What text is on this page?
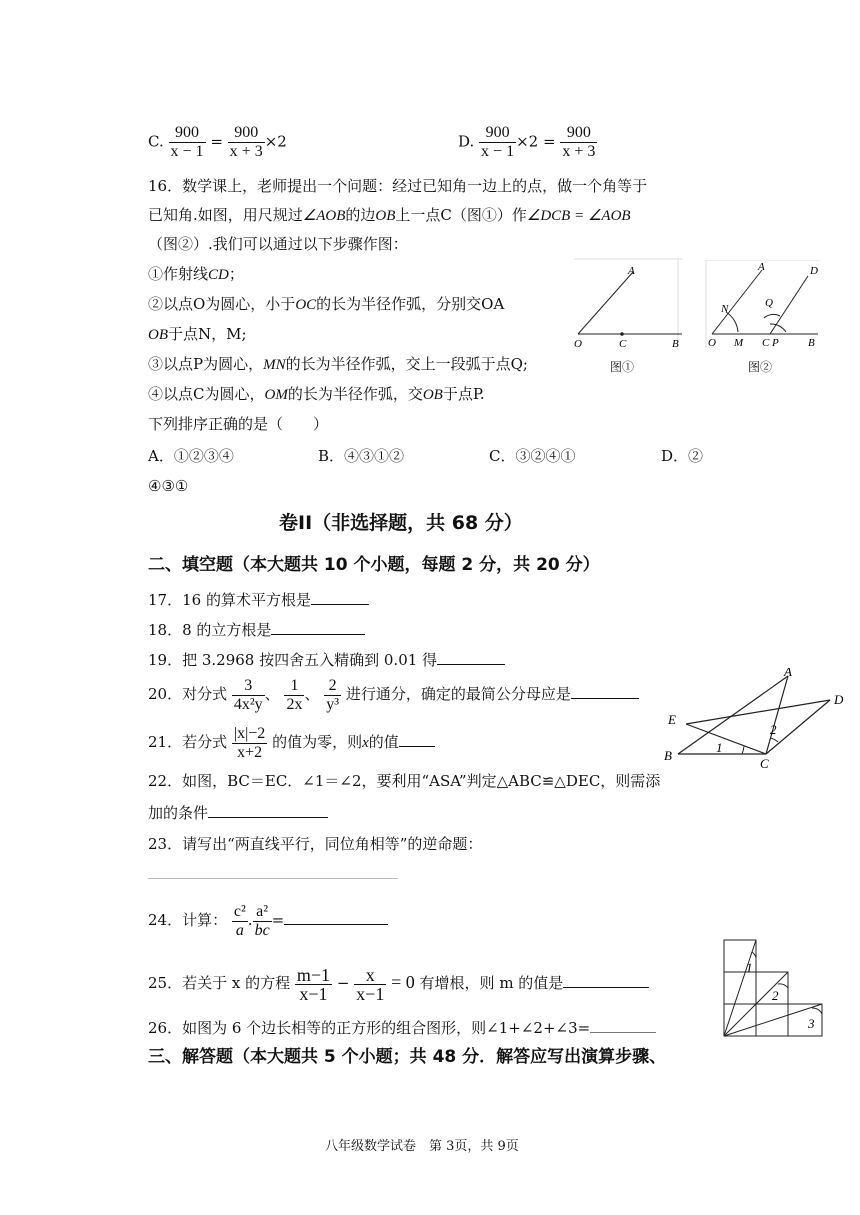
C. $\frac{900}{x - 1} = \frac{900}{x + 3} \times 2$	D. $\frac{900}{x - 1} \times 2 = \frac{900}{x + 3}$
16．数学课上，老师提出一个问题：经过已知角一边上的点，做一个角等于
已知角.如图，用尺规过∠AOB的边OB上一点C（图①）作∠DCB = ∠AOB
（图②）.我们可以通过以下步骤作图：
①作射线CD；
②以点O为圆心，小于OC的长为半径作弧，分别交OA
OB于点N，M;
③以点P为圆心，MN的长为半径作弧，交上一段弧于点Q;
④以点C为圆心，OM的长为半径作弧，交OB于点P.
下列排序正确的是（　　）
A．①②③④	B．④③①②	C．③②④①	D．②
④③①
A
O	C	B
图①
A	D
N	Q
O M C P	B
图②
卷II（非选择题，共 68 分）
二、填空题（本大题共 10 个小题，每题 2 分，共 20 分）
17．16 的算术平方根是
18．8 的立方根是
19．把 3.2968 按四舍五入精确到 0.01 得
20．对分式 $\frac{3}{\text{4x²y}}$ 、 $\frac{1}{2x}$ 、 $\frac{2}{\text{y³}}$ 进行通分，确定的最简公分母应是
21．若分式 $\frac{|x|-2}{x+2}$ 的值为零，则x的值
A
D
E
B
C
1
2
22．如图，BC＝EC．∠1＝∠2，要利用“ASA”判定△ABC≌△DEC，则需添
加的条件
23．请写出“两直线平行，同位角相等”的逆命题：
24．计算： $\frac{\text{c²}}{a}$ . $\frac{\text{a²}}{bc}$ =
1
2
3
25．若关于 x 的方程 $\frac{m-1}{x-1} - \frac{x}{x-1} = 0$ 有增根，则 m 的值是
26．如图为 6 个边长相等的正方形的组合图形，则∠1+∠2+∠3=
三、解答题（本大题共 5 个小题；共 48 分．解答应写出演算步骤、
八年级数学试卷　第 3页，共 9页
